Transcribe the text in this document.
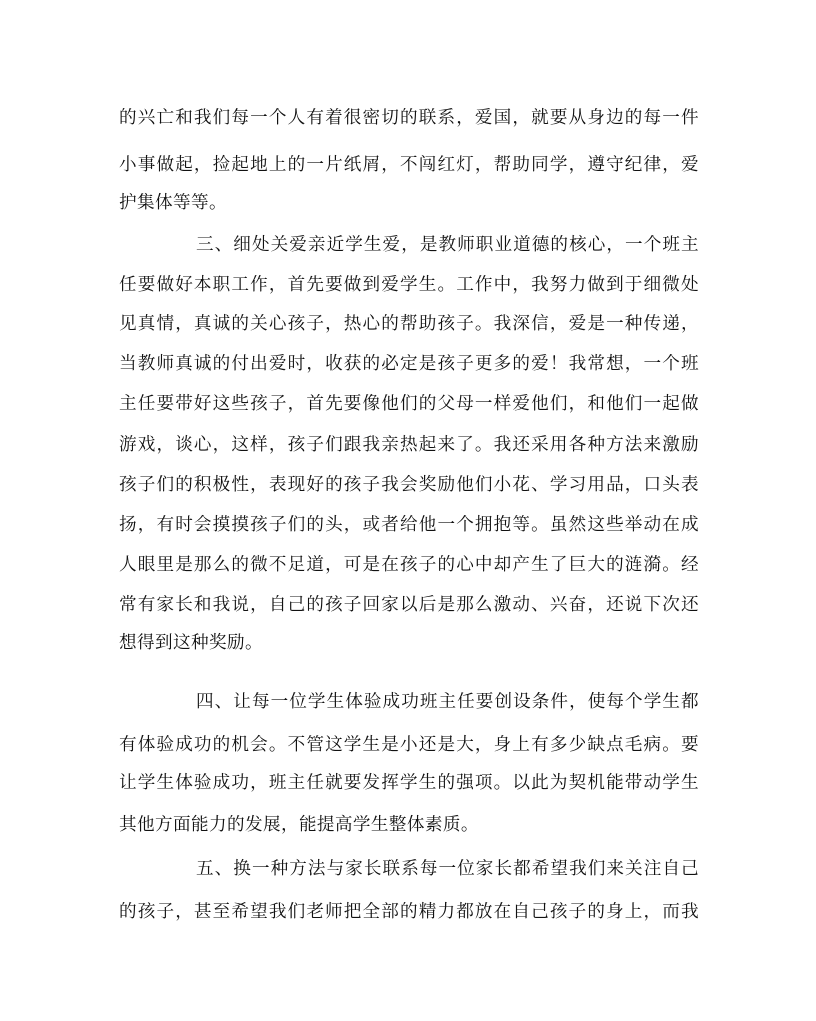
的兴亡和我们每一个人有着很密切的联系，爱国，就要从身边的每一件
小事做起，捡起地上的一片纸屑，不闯红灯，帮助同学，遵守纪律，爱
护集体等等。
三、细处关爱亲近学生爱，是教师职业道德的核心，一个班主
任要做好本职工作，首先要做到爱学生。工作中，我努力做到于细微处
见真情，真诚的关心孩子，热心的帮助孩子。我深信，爱是一种传递，
当教师真诚的付出爱时，收获的必定是孩子更多的爱！我常想，一个班
主任要带好这些孩子，首先要像他们的父母一样爱他们，和他们一起做
游戏，谈心，这样，孩子们跟我亲热起来了。我还采用各种方法来激励
孩子们的积极性，表现好的孩子我会奖励他们小花、学习用品，口头表
扬，有时会摸摸孩子们的头，或者给他一个拥抱等。虽然这些举动在成
人眼里是那么的微不足道，可是在孩子的心中却产生了巨大的涟漪。经
常有家长和我说，自己的孩子回家以后是那么激动、兴奋，还说下次还
想得到这种奖励。
四、让每一位学生体验成功班主任要创设条件，使每个学生都
有体验成功的机会。不管这学生是小还是大，身上有多少缺点毛病。要
让学生体验成功，班主任就要发挥学生的强项。以此为契机能带动学生
其他方面能力的发展，能提高学生整体素质。
五、换一种方法与家长联系每一位家长都希望我们来关注自己
的孩子，甚至希望我们老师把全部的精力都放在自己孩子的身上，而我
